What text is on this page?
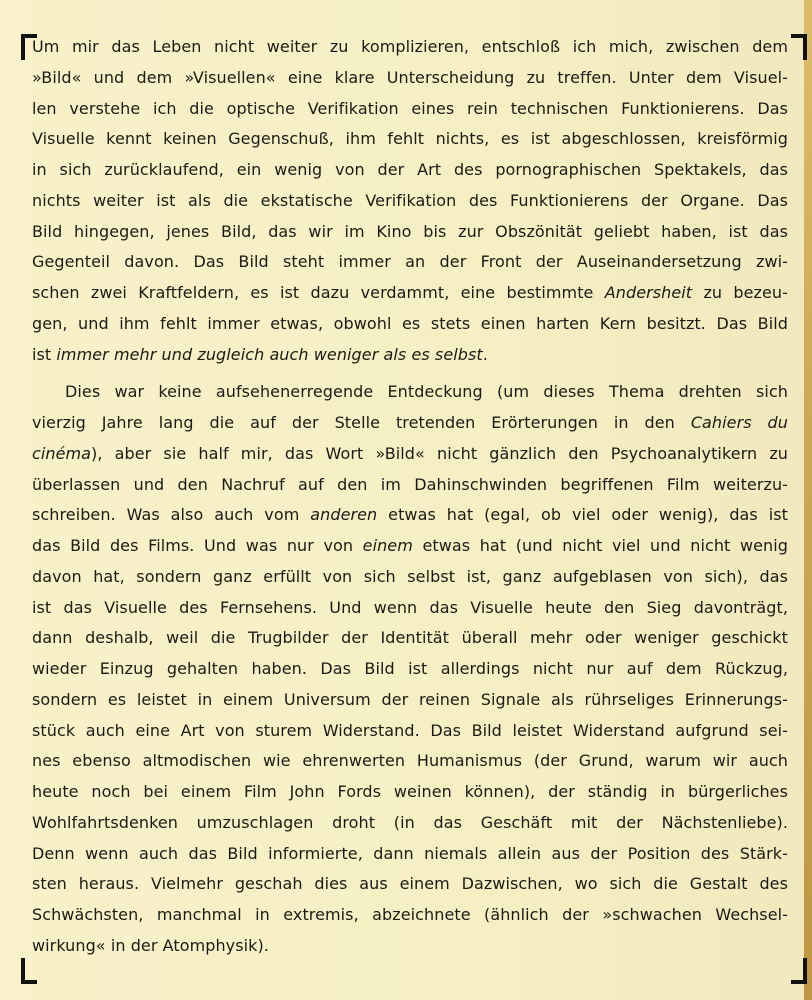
Um mir das Leben nicht weiter zu komplizieren, entschloß ich mich, zwischen dem
»Bild« und dem »Visuellen« eine klare Unterscheidung zu treffen. Unter dem Visuel-
len verstehe ich die optische Verifikation eines rein technischen Funktionierens. Das
Visuelle kennt keinen Gegenschuß, ihm fehlt nichts, es ist abgeschlossen, kreisförmig
in sich zurücklaufend, ein wenig von der Art des pornographischen Spektakels, das
nichts weiter ist als die ekstatische Verifikation des Funktionierens der Organe. Das
Bild hingegen, jenes Bild, das wir im Kino bis zur Obszönität geliebt haben, ist das
Gegenteil davon. Das Bild steht immer an der Front der Auseinandersetzung zwi-
schen zwei Kraftfeldern, es ist dazu verdammt, eine bestimmte Andersheit zu bezeu-
gen, und ihm fehlt immer etwas, obwohl es stets einen harten Kern besitzt. Das Bild
ist immer mehr und zugleich auch weniger als es selbst.
Dies war keine aufsehenerregende Entdeckung (um dieses Thema drehten sich
vierzig Jahre lang die auf der Stelle tretenden Erörterungen in den Cahiers du
cinéma), aber sie half mir, das Wort »Bild« nicht gänzlich den Psychoanalytikern zu
überlassen und den Nachruf auf den im Dahinschwinden begriffenen Film weiterzu-
schreiben. Was also auch vom anderen etwas hat (egal, ob viel oder wenig), das ist
das Bild des Films. Und was nur von einem etwas hat (und nicht viel und nicht wenig
davon hat, sondern ganz erfüllt von sich selbst ist, ganz aufgeblasen von sich), das
ist das Visuelle des Fernsehens. Und wenn das Visuelle heute den Sieg davonträgt,
dann deshalb, weil die Trugbilder der Identität überall mehr oder weniger geschickt
wieder Einzug gehalten haben. Das Bild ist allerdings nicht nur auf dem Rückzug,
sondern es leistet in einem Universum der reinen Signale als rührseliges Erinnerungs-
stück auch eine Art von sturem Widerstand. Das Bild leistet Widerstand aufgrund sei-
nes ebenso altmodischen wie ehrenwerten Humanismus (der Grund, warum wir auch
heute noch bei einem Film John Fords weinen können), der ständig in bürgerliches
Wohlfahrtsdenken umzuschlagen droht (in das Geschäft mit der Nächstenliebe).
Denn wenn auch das Bild informierte, dann niemals allein aus der Position des Stärk-
sten heraus. Vielmehr geschah dies aus einem Dazwischen, wo sich die Gestalt des
Schwächsten, manchmal in extremis, abzeichnete (ähnlich der »schwachen Wechsel-
wirkung« in der Atomphysik).
